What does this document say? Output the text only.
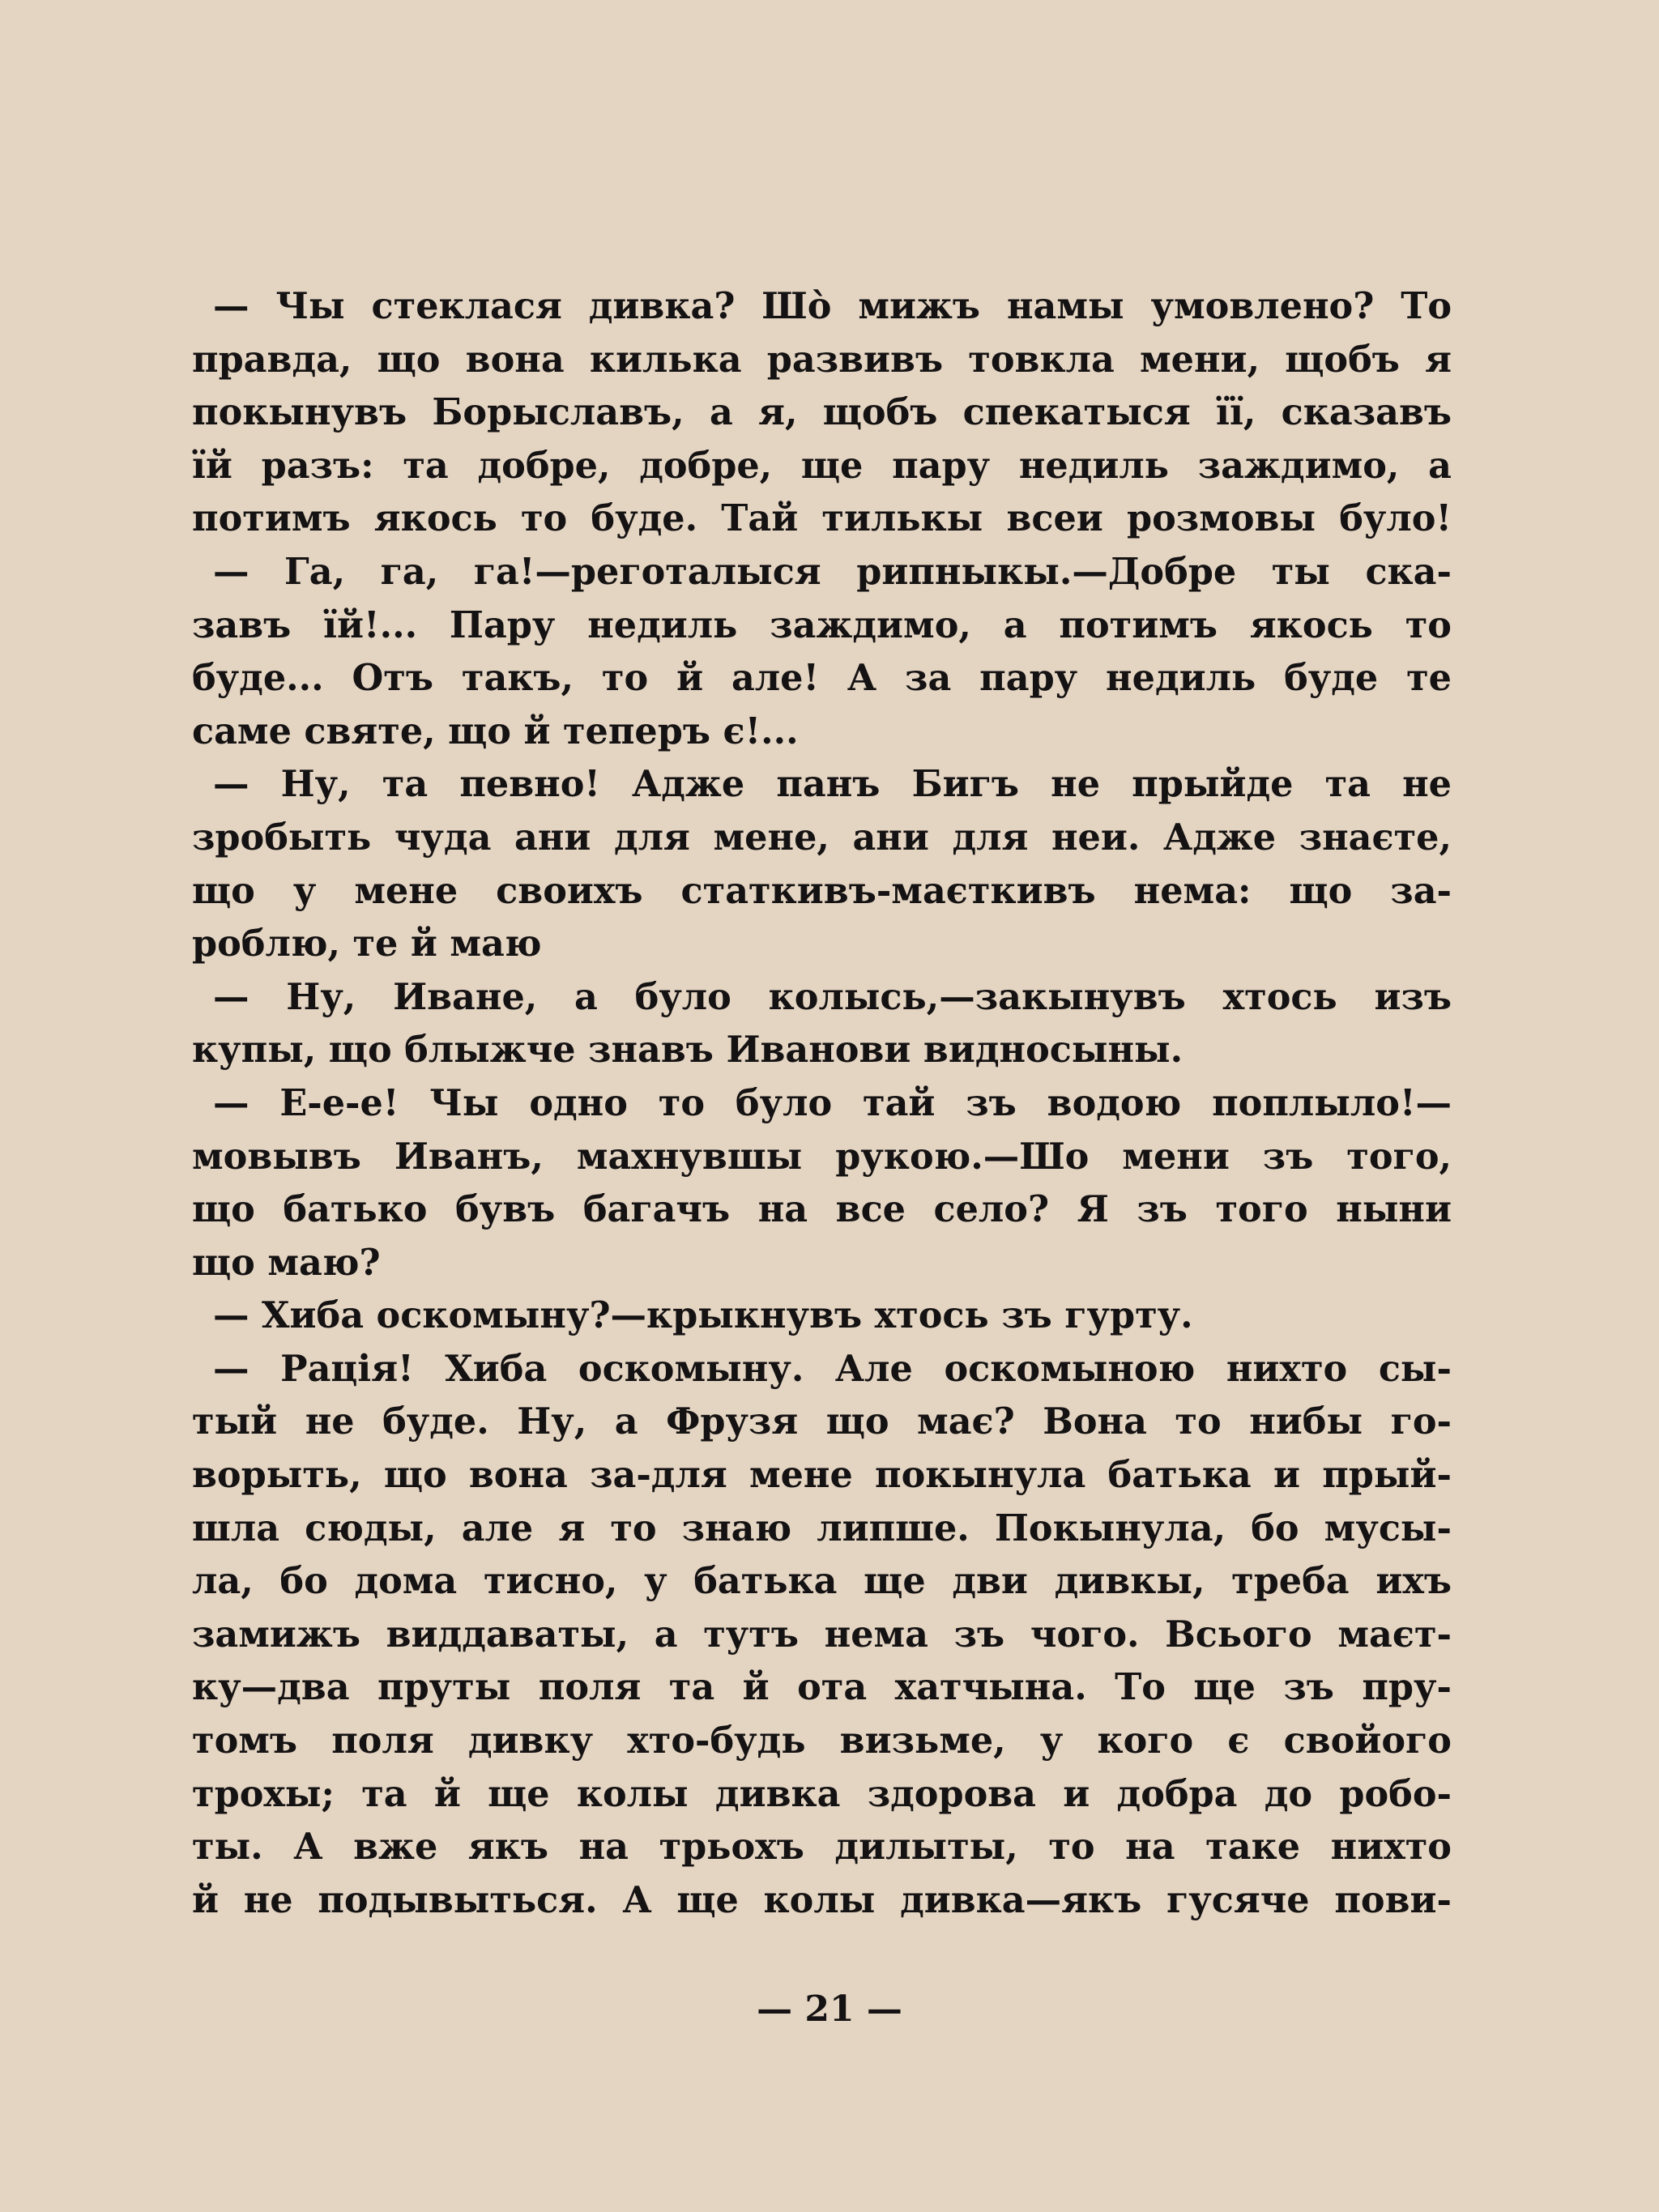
— Чы стеклася дивка? Шо̀ мижъ намы умовлено? То
правда, що вона килька развивъ товкла мени, щобъ я
покынувъ Борыславъ, а я, щобъ спекатыся її, сказавъ
їй разъ: та добре, добре, ще пару недиль заждимо, а
потимъ якось то буде. Тай тилькы всеи розмовы було!
— Га, га, га!—реготалыся рипныкы.—Добре ты ска-
завъ їй!... Пару недиль заждимо, а потимъ якось то
буде... Отъ такъ, то й але! А за пару недиль буде те
саме святе, що й теперъ є!...
— Ну, та певно! Адже панъ Бигъ не прыйде та не
зробыть чуда ани для мене, ани для неи. Адже знаєте,
що у мене своихъ статкивъ-маєткивъ нема: що за-
роблю, те й маю
— Ну, Иване, а було колысь,—закынувъ хтось изъ
купы, що блыжче знавъ Иванови видносыны.
— Е-е-е! Чы одно то було тай зъ водою поплыло!—
мовывъ Иванъ, махнувшы рукою.—Шо мени зъ того,
що батько бувъ багачъ на все село? Я зъ того ныни
що маю?
— Хиба оскомыну?—крыкнувъ хтось зъ гурту.
— Рація! Хиба оскомыну. Але оскомыною нихто сы-
тый не буде. Ну, а Фрузя що має? Вона то нибы го-
ворыть, що вона за-для мене покынула батька и прый-
шла сюды, але я то знаю липше. Покынула, бо мусы-
ла, бо дома тисно, у батька ще дви дивкы, треба ихъ
замижъ виддаваты, а тутъ нема зъ чого. Всього маєт-
ку—два пруты поля та й ота хатчына. То ще зъ пру-
томъ поля дивку хто-будь визьме, у кого є свойого
трохы; та й ще колы дивка здорова и добра до робо-
ты. А вже якъ на трьохъ дилыты, то на таке нихто
й не подывыться. А ще колы дивка—якъ гусяче пови-
— 21 —
